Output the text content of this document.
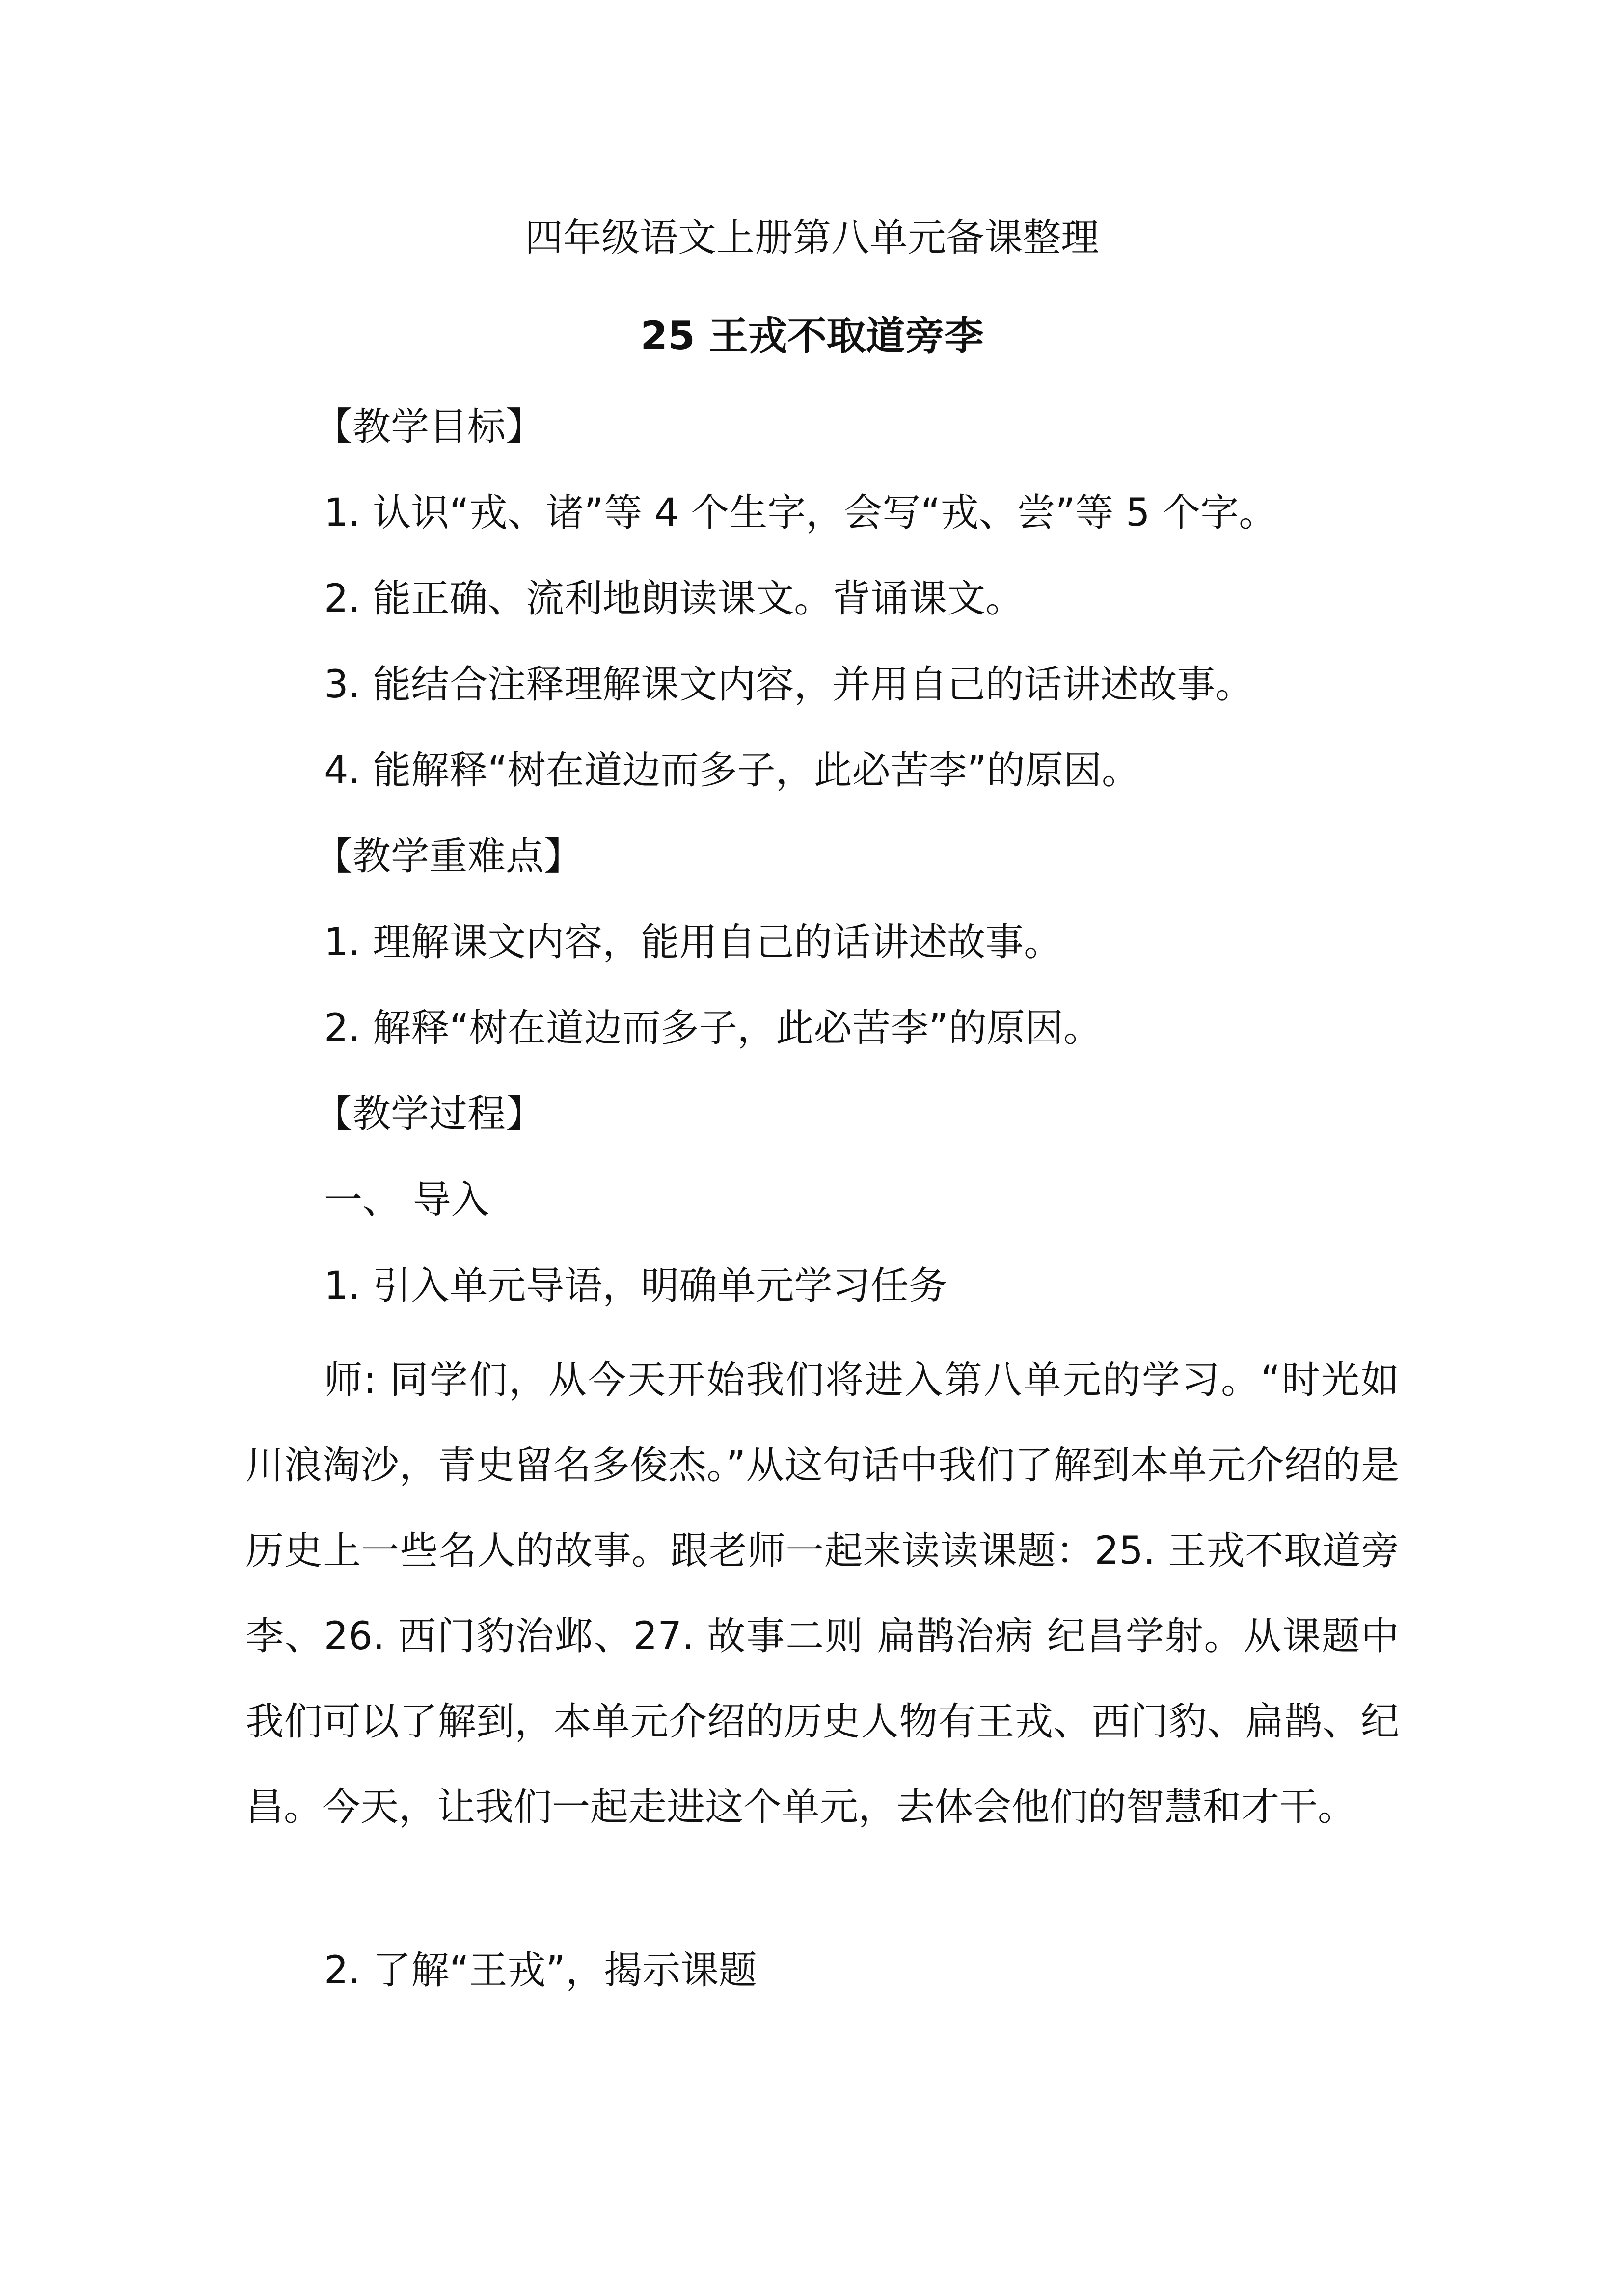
四年级语文上册第八单元备课整理
25 王戎不取道旁李

【教学目标】

1. 认识“戎、诸”等 4 个生字，会写“戎、尝”等 5 个字。

2. 能正确、流利地朗读课文。背诵课文。

3. 能结合注释理解课文内容，并用自己的话讲述故事。

4. 能解释“树在道边而多子，此必苦李”的原因。

【教学重难点】

1. 理解课文内容，能用自己的话讲述故事。

2. 解释“树在道边而多子，此必苦李”的原因。

【教学过程】

一、 导入

1. 引入单元导语，明确单元学习任务

师: 同学们，从今天开始我们将进入第八单元的学习。“时光如川浪淘沙，青史留名多俊杰。”从这句话中我们了解到本单元介绍的是历史上一些名人的故事。跟老师一起来读读课题：25. 王戎不取道旁李、26. 西门豹治邺、27. 故事二则 扁鹊治病 纪昌学射。从课题中我们可以了解到，本单元介绍的历史人物有王戎、西门豹、扁鹊、纪昌。今天，让我们一起走进这个单元，去体会他们的智慧和才干。

2. 了解“王戎”，揭示课题
